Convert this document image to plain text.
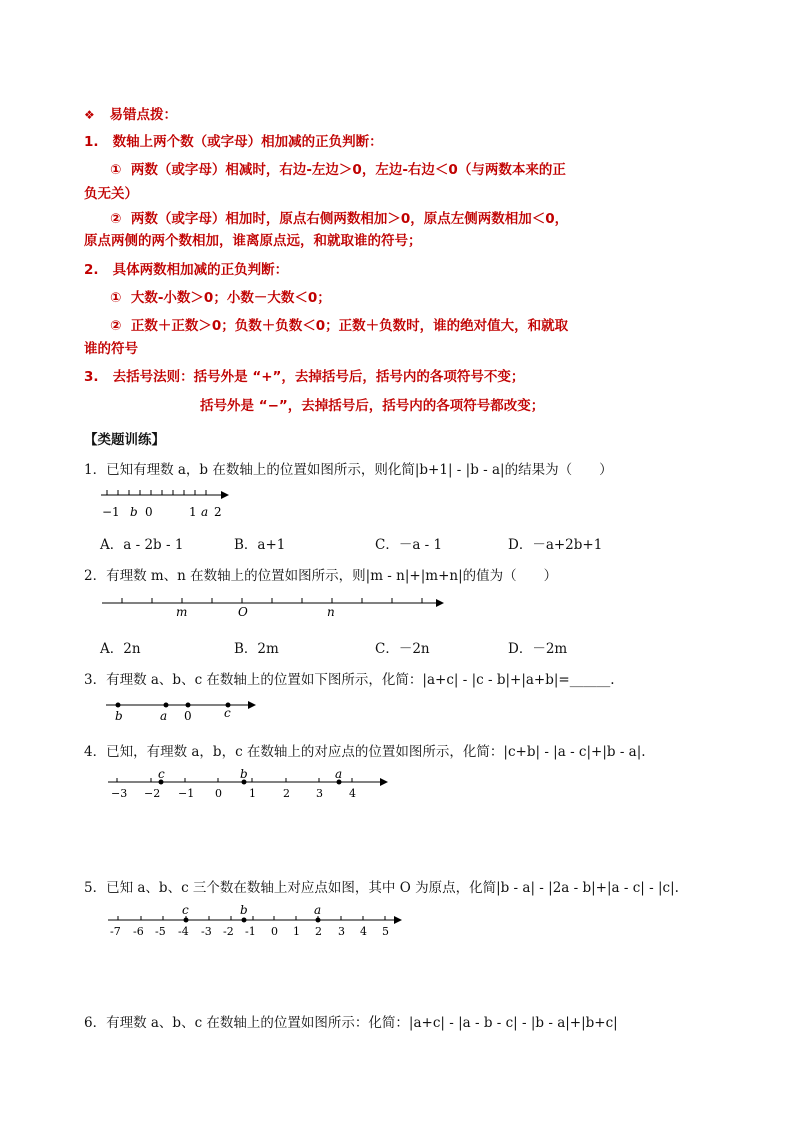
❖ 易错点拨：
1.   数轴上两个数（或字母）相加减的正负判断：
①  两数（或字母）相减时，右边-左边＞0，左边-右边＜0（与两数本来的正
负无关）
②  两数（或字母）相加时，原点右侧两数相加＞0，原点左侧两数相加＜0，
原点两侧的两个数相加，谁离原点远，和就取谁的符号；
2.   具体两数相加减的正负判断：
①  大数-小数＞0；小数－大数＜0；
②  正数＋正数＞0；负数＋负数＜0；正数＋负数时，谁的绝对值大，和就取
谁的符号
3.   去括号法则：括号外是 “+”，去掉括号后，括号内的各项符号不变；
括号外是 “−”，去掉括号后，括号内的各项符号都改变；
【类题训练】
1．已知有理数 a，b 在数轴上的位置如图所示，则化简|b+1| - |b - a|的结果为（　　）
−1 b 0	1 a 2
A．a - 2b - 1	B．a+1	C．－a - 1	D．－a+2b+1
2．有理数 m、n 在数轴上的位置如图所示，则|m - n|+|m+n|的值为（　　）
m	O	n
A．2n	B．2m	C．－2n	D．－2m
3．有理数 a、b、c 在数轴上的位置如下图所示，化简：|a+c| - |c - b|+|a+b|=______.
b	a 0	c
4．已知，有理数 a，b，c 在数轴上的对应点的位置如图所示，化简：|c+b| - |a - c|+|b - a|.
c	b	a
−3 −2 −1 0 1 2 3 4
5．已知 a、b、c 三个数在数轴上对应点如图，其中 O 为原点，化简|b - a| - |2a - b|+|a - c| - |c|.
c	b	a
-7 -6 -5 -4 -3 -2 -1 0 1 2 3 4 5
6．有理数 a、b、c 在数轴上的位置如图所示：化简：|a+c| - |a - b - c| - |b - a|+|b+c|
